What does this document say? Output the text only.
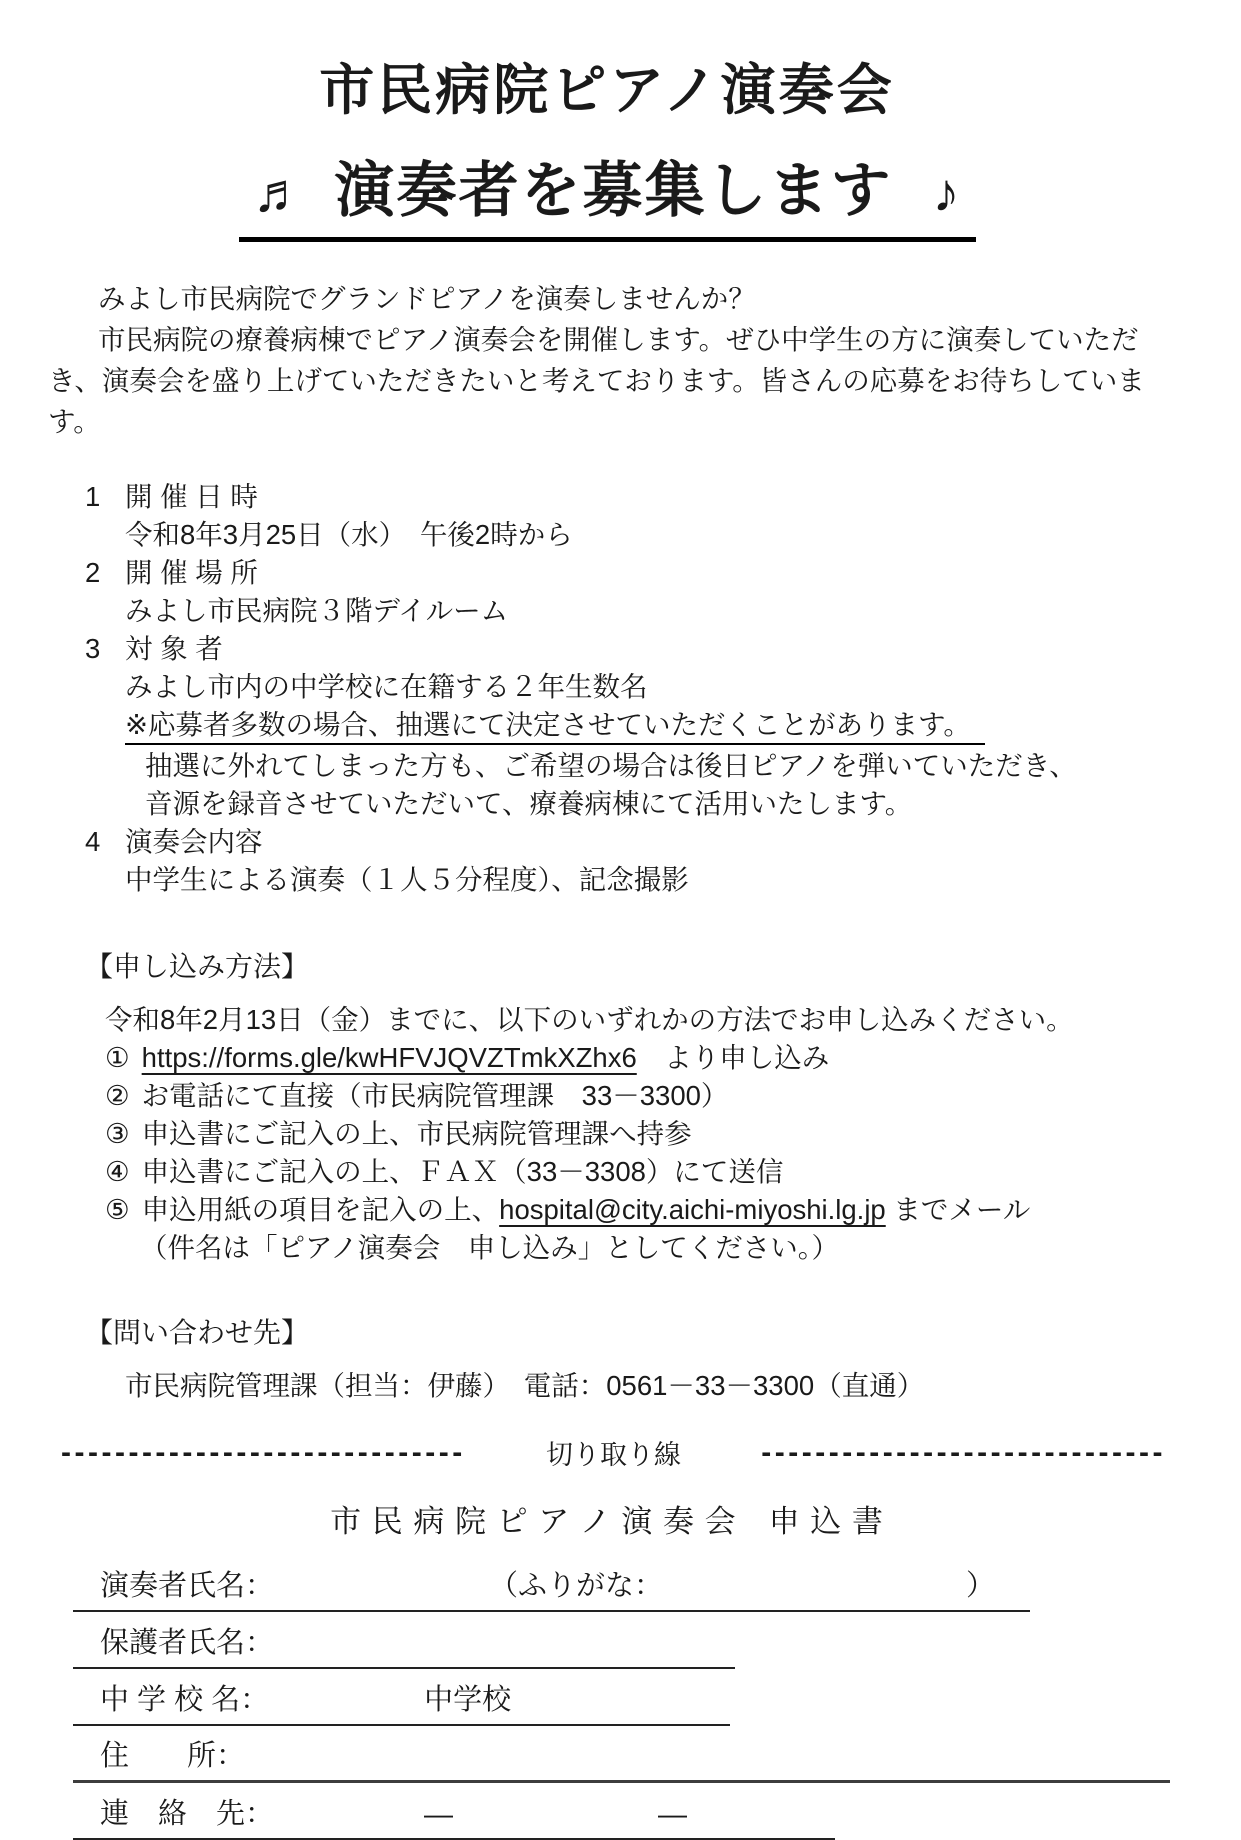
市民病院ピアノ演奏会
♬ 演奏者を募集します ♪

みよし市民病院でグランドピアノを演奏しませんか？

市民病院の療養病棟でピアノ演奏会を開催します。ぜひ中学生の方に演奏していただき、演奏会を盛り上げていただきたいと考えております。皆さんの応募をお待ちしています。

1 開 催 日 時
令和8年3月25日（水）　午後2時から
2 開 催 場 所
みよし市民病院３階デイルーム
3 対 象 者
みよし市内の中学校に在籍する２年生数名
※応募者多数の場合、抽選にて決定させていただくことがあります。
抽選に外れてしまった方も、ご希望の場合は後日ピアノを弾いていただき、
音源を録音させていただいて、療養病棟にて活用いたします。
4 演奏会内容
中学生による演奏（１人５分程度）、記念撮影
【申し込み方法】
令和8年2月13日（金）までに、以下のいずれかの方法でお申し込みください。
① https://forms.gle/kwHFVJQVZTmkXZhx6　より申し込み
② お電話にて直接（市民病院管理課　33－3300）
③ 申込書にご記入の上、市民病院管理課へ持参
④ 申込書にご記入の上、ＦＡＸ（33－3308）にて送信
⑤ 申込用紙の項目を記入の上、hospital@city.aichi-miyoshi.lg.jp までメール
（件名は「ピアノ演奏会　申し込み」としてください。）
【問い合わせ先】
市民病院管理課（担当：伊藤）　電話：0561－33－3300（直通）
------------------------------	切り取り線	------------------------------
市 民 病 院 ピ ア ノ 演 奏 会　申 込 書
演奏者氏名：	（ふりがな：	）
保護者氏名：
中 学 校 名：	中学校
住　　所：
連　絡　先：	―	―
